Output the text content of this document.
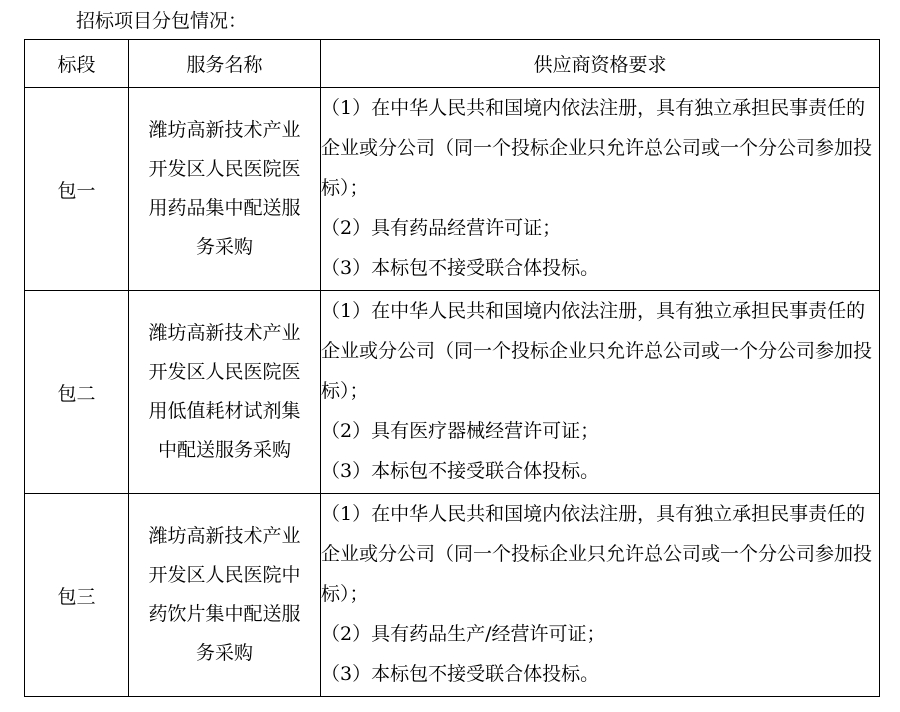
招标项目分包情况：
标段	服务名称	供应商资格要求
包一	潍坊高新技术产业开发区人民医院医用药品集中配送服务采购	（1）在中华人民共和国境内依法注册，具有独立承担民事责任的企业或分公司（同一个投标企业只允许总公司或一个分公司参加投标）；
（2）具有药品经营许可证；
（3）本标包不接受联合体投标。

包二	潍坊高新技术产业开发区人民医院医用低值耗材试剂集中配送服务采购	（1）在中华人民共和国境内依法注册，具有独立承担民事责任的企业或分公司（同一个投标企业只允许总公司或一个分公司参加投标）；
（2）具有医疗器械经营许可证；
（3）本标包不接受联合体投标。

包三	潍坊高新技术产业开发区人民医院中药饮片集中配送服务采购	（1）在中华人民共和国境内依法注册，具有独立承担民事责任的企业或分公司（同一个投标企业只允许总公司或一个分公司参加投标）；
（2）具有药品生产/经营许可证；
（3）本标包不接受联合体投标。
